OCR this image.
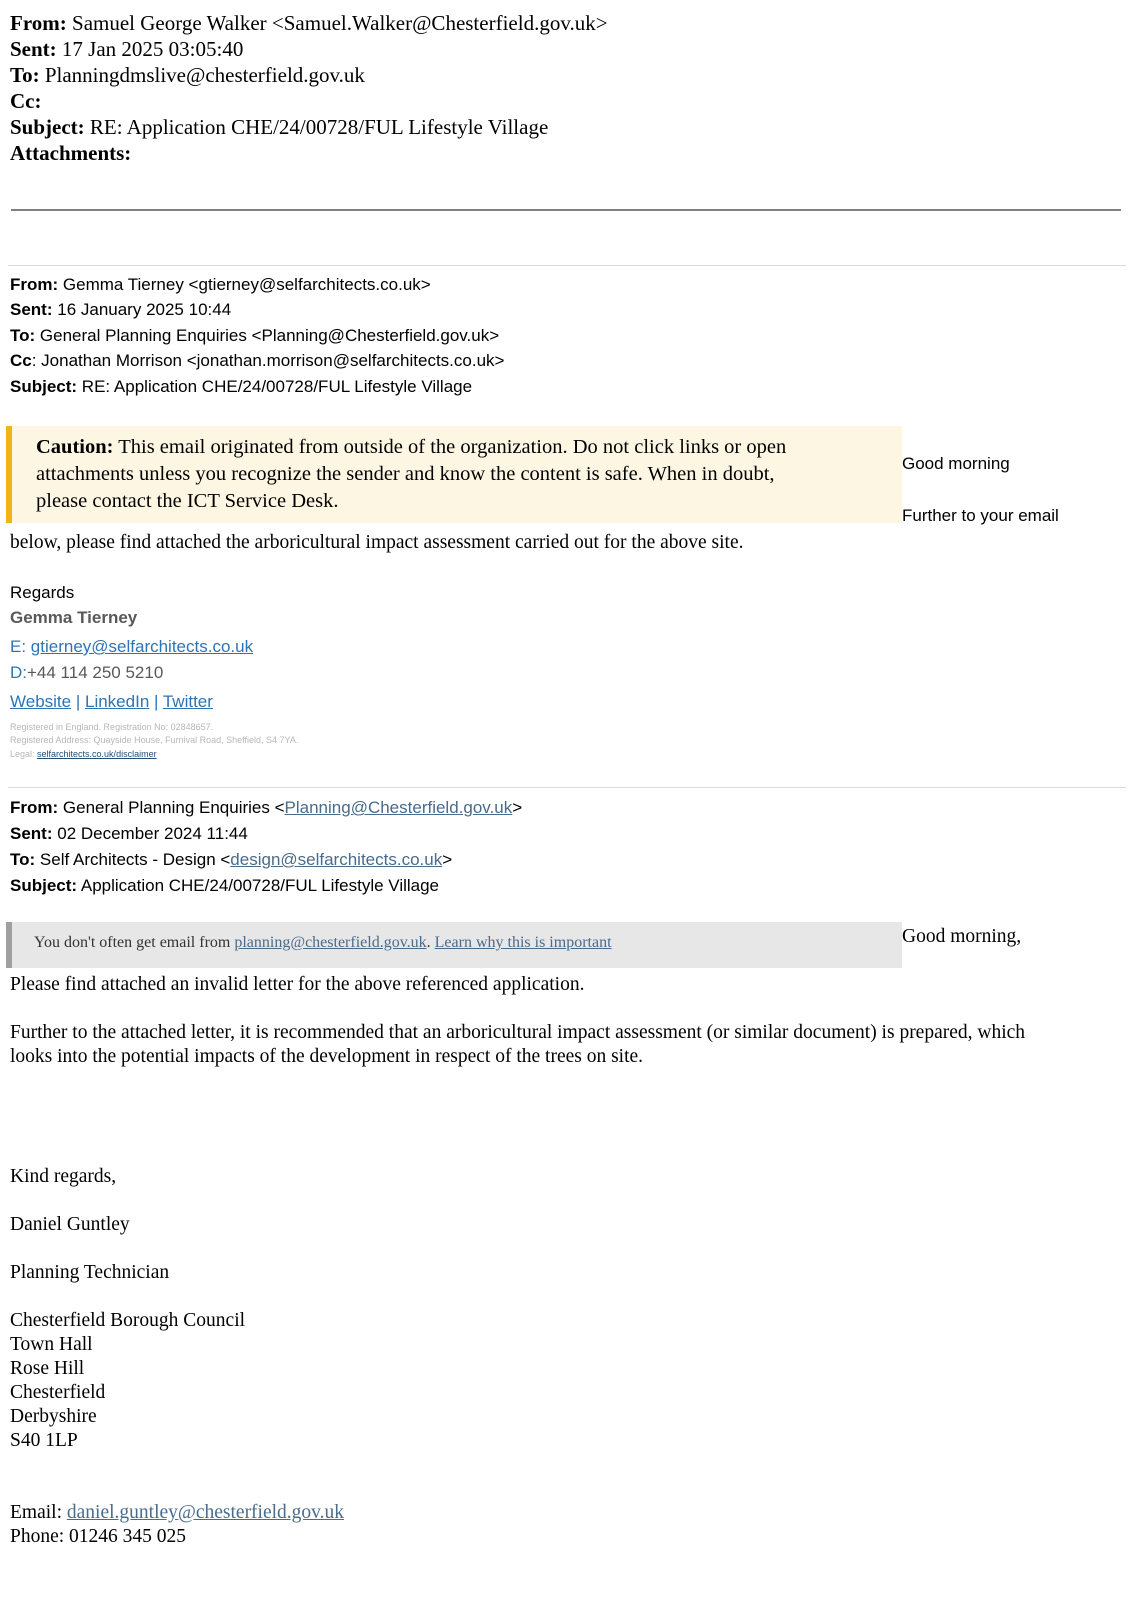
From: Samuel George Walker <Samuel.Walker@Chesterfield.gov.uk>
Sent: 17 Jan 2025 03:05:40
To: Planningdmslive@chesterfield.gov.uk
Cc:
Subject: RE: Application CHE/24/00728/FUL Lifestyle Village
Attachments:
From: Gemma Tierney <gtierney@selfarchitects.co.uk>
Sent: 16 January 2025 10:44
To: General Planning Enquiries <Planning@Chesterfield.gov.uk>
Cc: Jonathan Morrison <jonathan.morrison@selfarchitects.co.uk>
Subject: RE: Application CHE/24/00728/FUL Lifestyle Village
Caution: This email originated from outside of the organization. Do not click links or open
attachments unless you recognize the sender and know the content is safe. When in doubt,
please contact the ICT Service Desk.
Good morning
Further to your email
below, please find attached the arboricultural impact assessment carried out for the above site.
Regards
Gemma Tierney
E: gtierney@selfarchitects.co.uk
D:+44 114 250 5210
Website | LinkedIn | Twitter
Registered in England. Registration No: 02848657.
Registered Address: Quayside House, Furnival Road, Sheffield, S4 7YA.
Legal: selfarchitects.co.uk/disclaimer
From: General Planning Enquiries <Planning@Chesterfield.gov.uk>
Sent: 02 December 2024 11:44
To: Self Architects - Design <design@selfarchitects.co.uk>
Subject: Application CHE/24/00728/FUL Lifestyle Village
You don't often get email from planning@chesterfield.gov.uk. Learn why this is important	Good morning,
Please find attached an invalid letter for the above referenced application.
Further to the attached letter, it is recommended that an arboricultural impact assessment (or similar document) is prepared, which
looks into the potential impacts of the development in respect of the trees on site.
Kind regards,
Daniel Guntley
Planning Technician
Chesterfield Borough Council
Town Hall
Rose Hill
Chesterfield
Derbyshire
S40 1LP
Email: daniel.guntley@chesterfield.gov.uk
Phone: 01246 345 025
